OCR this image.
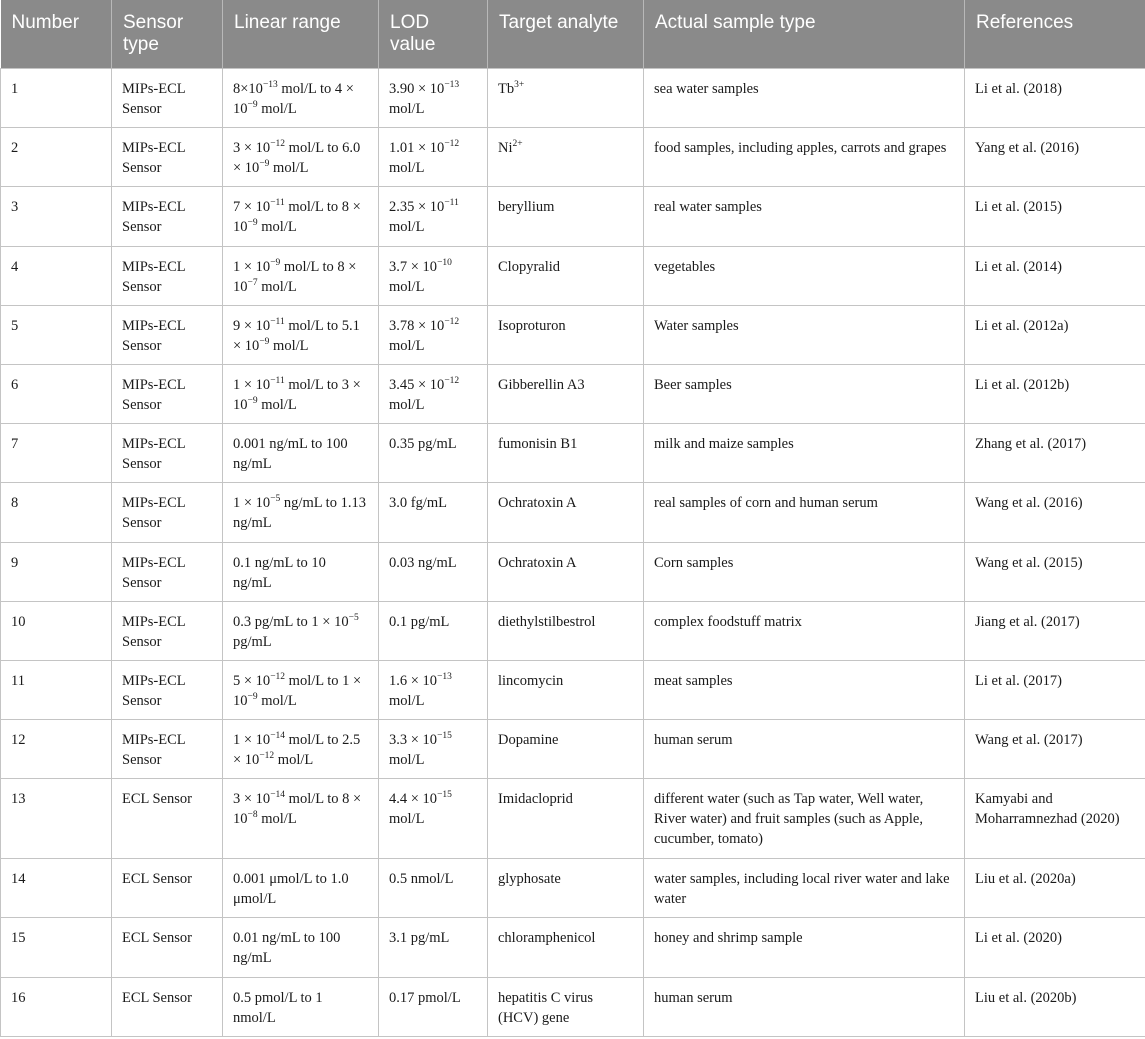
Number	Sensor type	Linear range	LOD value	Target analyte	Actual sample type	References
1	MIPs-ECL Sensor	$8\times 10^{-13}$ mol/L to $4 \times 10^{-9}$ mol/L	$3.90 \times 10^{-13}$ mol/L	$Tb^{3+}$	sea water samples	Li et al. (2018)
2	MIPs-ECL Sensor	$3 \times 10^{-12}$ mol/L to $6.0 \times 10^{-9}$ mol/L	$1.01 \times 10^{-12}$ mol/L	$Ni^{2+}$	food samples, including apples, carrots and grapes	Yang et al. (2016)
3	MIPs-ECL Sensor	$7 \times 10^{-11}$ mol/L to $8 \times 10^{-9}$ mol/L	$2.35 \times 10^{-11}$ mol/L	beryllium	real water samples	Li et al. (2015)
4	MIPs-ECL Sensor	$1 \times 10^{-9}$ mol/L to $8 \times 10^{-7}$ mol/L	$3.7 \times 10^{-10}$ mol/L	Clopyralid	vegetables	Li et al. (2014)
5	MIPs-ECL Sensor	$9 \times 10^{-11}$ mol/L to $5.1 \times 10^{-9}$ mol/L	$3.78 \times 10^{-12}$ mol/L	Isoproturon	Water samples	Li et al. (2012a)
6	MIPs-ECL Sensor	$1 \times 10^{-11}$ mol/L to $3 \times 10^{-9}$ mol/L	$3.45 \times 10^{-12}$ mol/L	Gibberellin A3	Beer samples	Li et al. (2012b)
7	MIPs-ECL Sensor	0.001 ng/mL to 100 ng/mL	0.35 pg/mL	fumonisin B1	milk and maize samples	Zhang et al. (2017)
8	MIPs-ECL Sensor	$1 \times 10^{-5}$ ng/mL to 1.13 ng/mL	3.0 fg/mL	Ochratoxin A	real samples of corn and human serum	Wang et al. (2016)
9	MIPs-ECL Sensor	0.1 ng/mL to 10 ng/mL	0.03 ng/mL	Ochratoxin A	Corn samples	Wang et al. (2015)
10	MIPs-ECL Sensor	0.3 pg/mL to $1 \times 10^{-5}$ pg/mL	0.1 pg/mL	diethylstilbestrol	complex foodstuff matrix	Jiang et al. (2017)
11	MIPs-ECL Sensor	$5 \times 10^{-12}$ mol/L to $1 \times 10^{-9}$ mol/L	$1.6 \times 10^{-13}$ mol/L	lincomycin	meat samples	Li et al. (2017)
12	MIPs-ECL Sensor	$1 \times 10^{-14}$ mol/L to $2.5 \times 10^{-12}$ mol/L	$3.3 \times 10^{-15}$ mol/L	Dopamine	human serum	Wang et al. (2017)
13	ECL Sensor	$3 \times 10^{-14}$ mol/L to $8 \times 10^{-8}$ mol/L	$4.4 \times 10^{-15}$ mol/L	Imidacloprid	different water (such as Tap water, Well water, River water) and fruit samples (such as Apple, cucumber, tomato)	Kamyabi and Moharramnezhad (2020)
14	ECL Sensor	0.001 μmol/L to 1.0 μmol/L	0.5 nmol/L	glyphosate	water samples, including local river water and lake water	Liu et al. (2020a)
15	ECL Sensor	0.01 ng/mL to 100 ng/mL	3.1 pg/mL	chloramphenicol	honey and shrimp sample	Li et al. (2020)
16	ECL Sensor	0.5 pmol/L to 1 nmol/L	0.17 pmol/L	hepatitis C virus (HCV) gene	human serum	Liu et al. (2020b)
